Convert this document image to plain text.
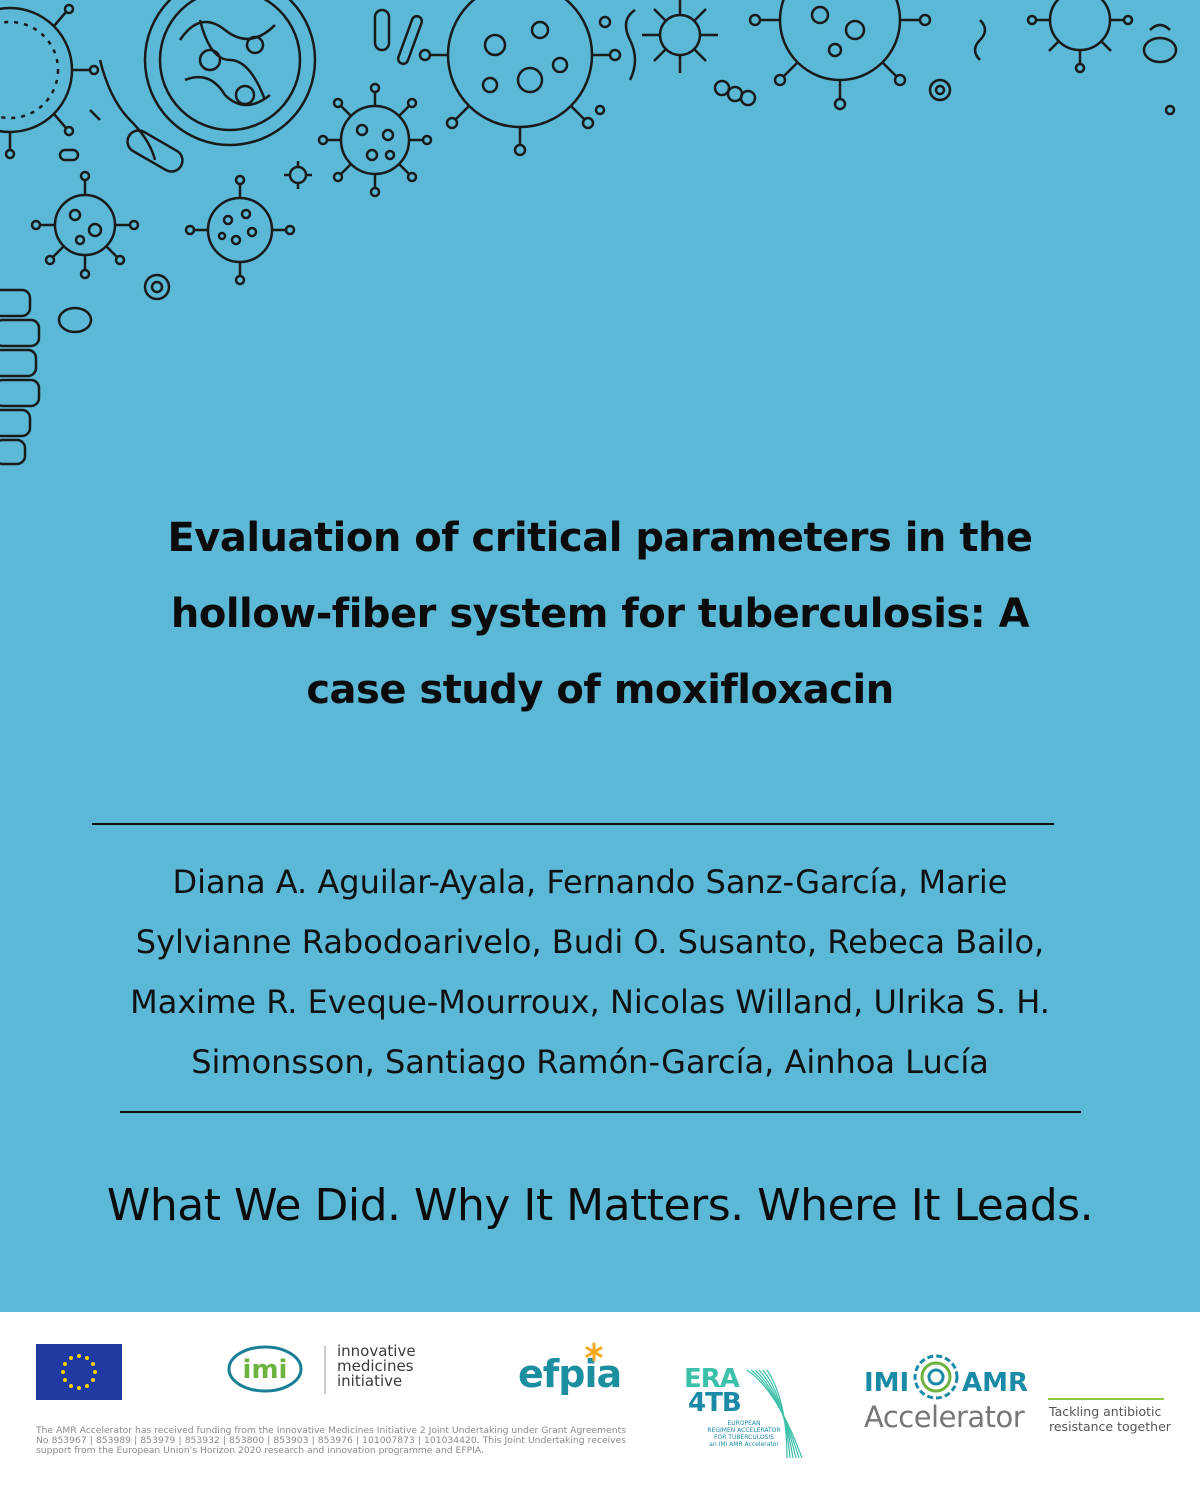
Evaluation of critical parameters in the hollow-fiber system for tuberculosis: A case study of moxifloxacin
Diana A. Aguilar-Ayala, Fernando Sanz-García, Marie Sylvianne Rabodoarivelo, Budi O. Susanto, Rebeca Bailo, Maxime R. Eveque-Mourroux, Nicolas Willand, Ulrika S. H. Simonsson, Santiago Ramón-García, Ainhoa Lucía
What We Did. Why It Matters. Where It Leads.
imi
innovative
medicines
initiative	efpia ERA
4TB
EUROPEAN
REGIMEN ACCELERATOR
FOR TUBERCULOSIS
an IMI AMR Accelerator
IMI AMR
Accelerator Tackling antibiotic
resistance together
The AMR Accelerator has received funding from the Innovative Medicines Initiative 2 Joint Undertaking under Grant Agreements No 853967 | 853989 | 853979 | 853932 | 853800 | 853903 | 853976 | 101007873 | 101034420. This Joint Undertaking receives support from the European Union's Horizon 2020 research and innovation programme and EFPIA.
